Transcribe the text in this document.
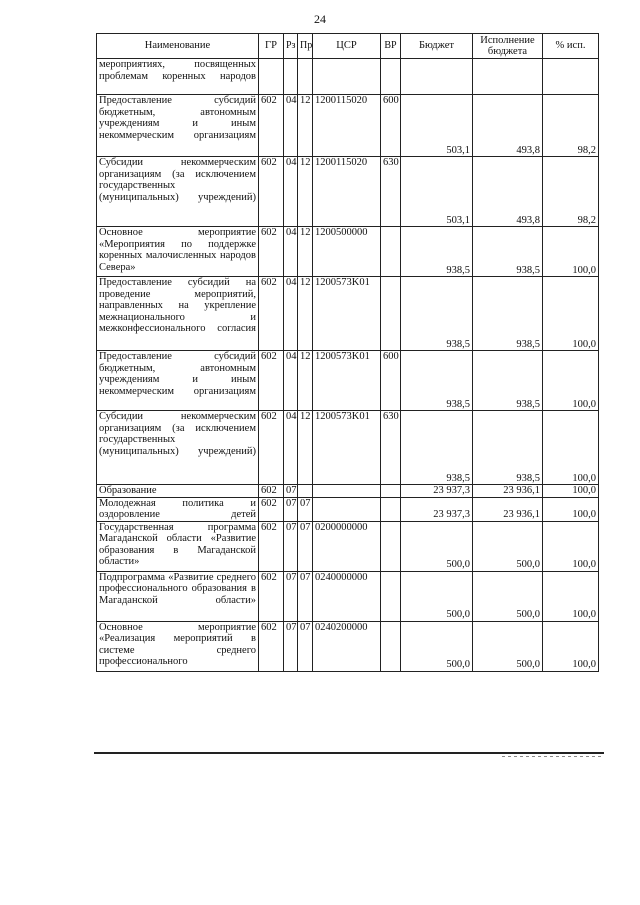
24
Наименование	ГР	Рз	Пр	ЦСР	ВР	Бюджет	Исполнение бюджета	% исп.
мероприятиях, посвященных проблемам коренных народов								
Предоставление субсидий бюджетным, автономным учреждениям и иным некоммерческим организациям	602	04	12	1200115020	600	503,1	493,8	98,2
Субсидии некоммерческим организациям (за исключением государственных (муниципальных) учреждений)	602	04	12	1200115020	630	503,1	493,8	98,2
Основное мероприятие «Мероприятия по поддержке коренных малочисленных народов Севера»	602	04	12	1200500000		938,5	938,5	100,0
Предоставление субсидий на проведение мероприятий, направленных на укрепление межнационального и межконфессионального согласия	602	04	12	1200573K01		938,5	938,5	100,0
Предоставление субсидий бюджетным, автономным учреждениям и иным некоммерческим организациям	602	04	12	1200573K01	600	938,5	938,5	100,0
Субсидии некоммерческим организациям (за исключением государственных (муниципальных) учреждений)	602	04	12	1200573K01	630	938,5	938,5	100,0
Образование	602	07				23 937,3	23 936,1	100,0
Молодежная политика и оздоровление детей	602	07	07			23 937,3	23 936,1	100,0
Государственная программа Магаданской области «Развитие образования в Магаданской области»	602	07	07	0200000000		500,0	500,0	100,0
Подпрограмма «Развитие среднего профессионального образования в Магаданской области»	602	07	07	0240000000		500,0	500,0	100,0
Основное мероприятие «Реализация мероприятий в системе среднего профессионального	602	07	07	0240200000		500,0	500,0	100,0
